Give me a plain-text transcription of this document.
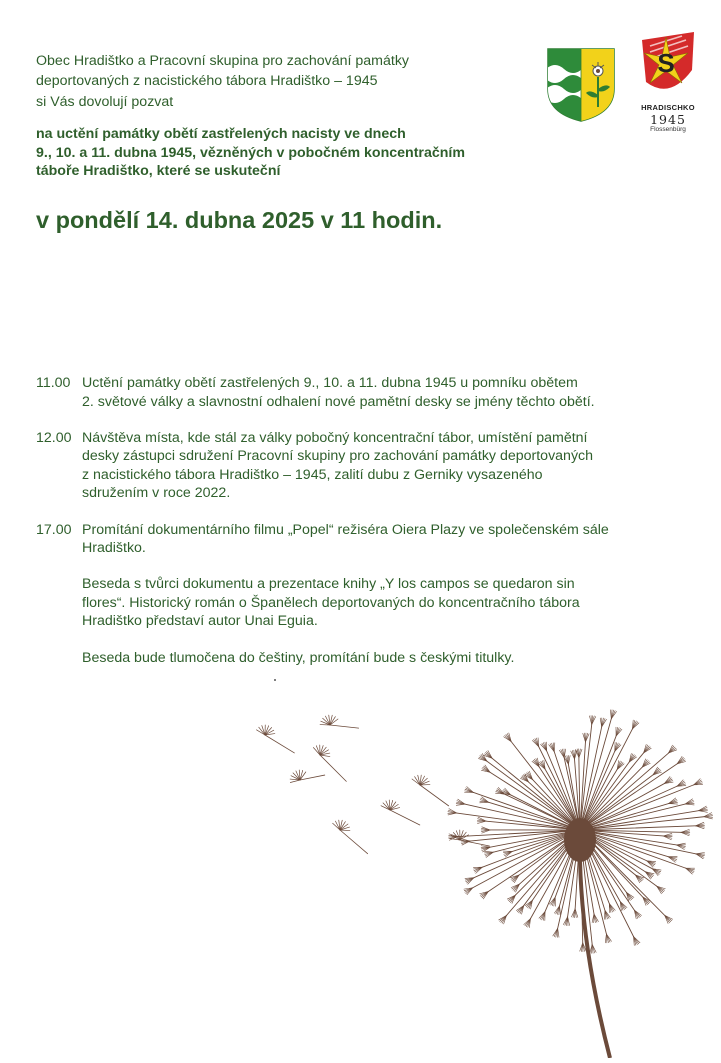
Obec Hradištko a Pracovní skupina pro zachování památky
deportovaných z nacistického tábora Hradištko – 1945
si Vás dovolují pozvat
na uctění památky obětí zastřelených nacisty ve dnech
9., 10. a 11. dubna 1945, vězněných v pobočném koncentračním
táboře Hradištko, které se uskuteční
v pondělí 14. dubna 2025 v 11 hodin.
S
HRADISCHKO
1945
Flossenbürg
11.00 Uctění památky obětí zastřelených 9., 10. a 11. dubna 1945 u pomníku obětem
2. světové války a slavnostní odhalení nové pamětní desky se jmény těchto obětí.

12.00 Návštěva místa, kde stál za války pobočný koncentrační tábor, umístění pamětní
desky zástupci sdružení Pracovní skupiny pro zachování památky deportovaných
z nacistického tábora Hradištko – 1945, zalití dubu z Gerniky vysazeného
sdružením v roce 2022.

17.00 Promítání dokumentárního filmu „Popel“ režiséra Oiera Plazy ve společenském sále
Hradištko.

Beseda s tvůrci dokumentu a prezentace knihy „Y los campos se quedaron sin
flores“. Historický román o Španělech deportovaných do koncentračního tábora
Hradištko představí autor Unai Eguia.

Beseda bude tlumočena do češtiny, promítání bude s českými titulky.
